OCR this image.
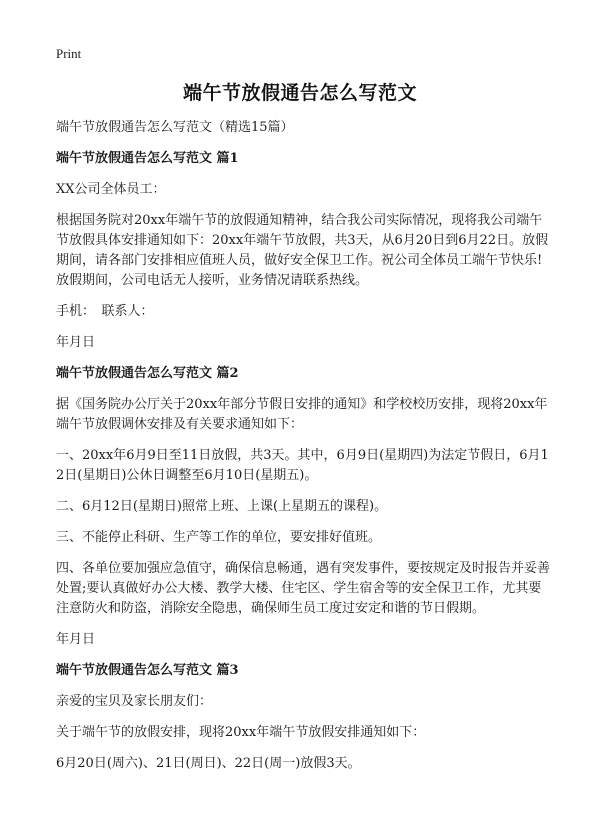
Print
端午节放假通告怎么写范文

端午节放假通告怎么写范文（精选15篇）

端午节放假通告怎么写范文 篇1

XX公司全体员工：

根据国务院对20xx年端午节的放假通知精神，结合我公司实际情况，现将我公司端午节放假具体安排通知如下：20xx年端午节放假，共3天，从6月20日到6月22日。放假期间，请各部门安排相应值班人员，做好安全保卫工作。祝公司全体员工端午节快乐!放假期间，公司电话无人接听，业务情况请联系热线。

手机：　联系人：

年月日

端午节放假通告怎么写范文 篇2

据《国务院办公厅关于20xx年部分节假日安排的通知》和学校校历安排，现将20xx年端午节放假调休安排及有关要求通知如下：

一、20xx年6月9日至11日放假，共3天。其中，6月9日(星期四)为法定节假日，6月12日(星期日)公休日调整至6月10日(星期五)。

二、6月12日(星期日)照常上班、上课(上星期五的课程)。

三、不能停止科研、生产等工作的单位，要安排好值班。

四、各单位要加强应急值守，确保信息畅通，遇有突发事件，要按规定及时报告并妥善处置;要认真做好办公大楼、教学大楼、住宅区、学生宿舍等的安全保卫工作，尤其要注意防火和防盗，消除安全隐患，确保师生员工度过安定和谐的节日假期。

年月日

端午节放假通告怎么写范文 篇3

亲爱的宝贝及家长朋友们：

关于端午节的放假安排，现将20xx年端午节放假安排通知如下：

6月20日(周六)、21日(周日)、22日(周一)放假3天。
